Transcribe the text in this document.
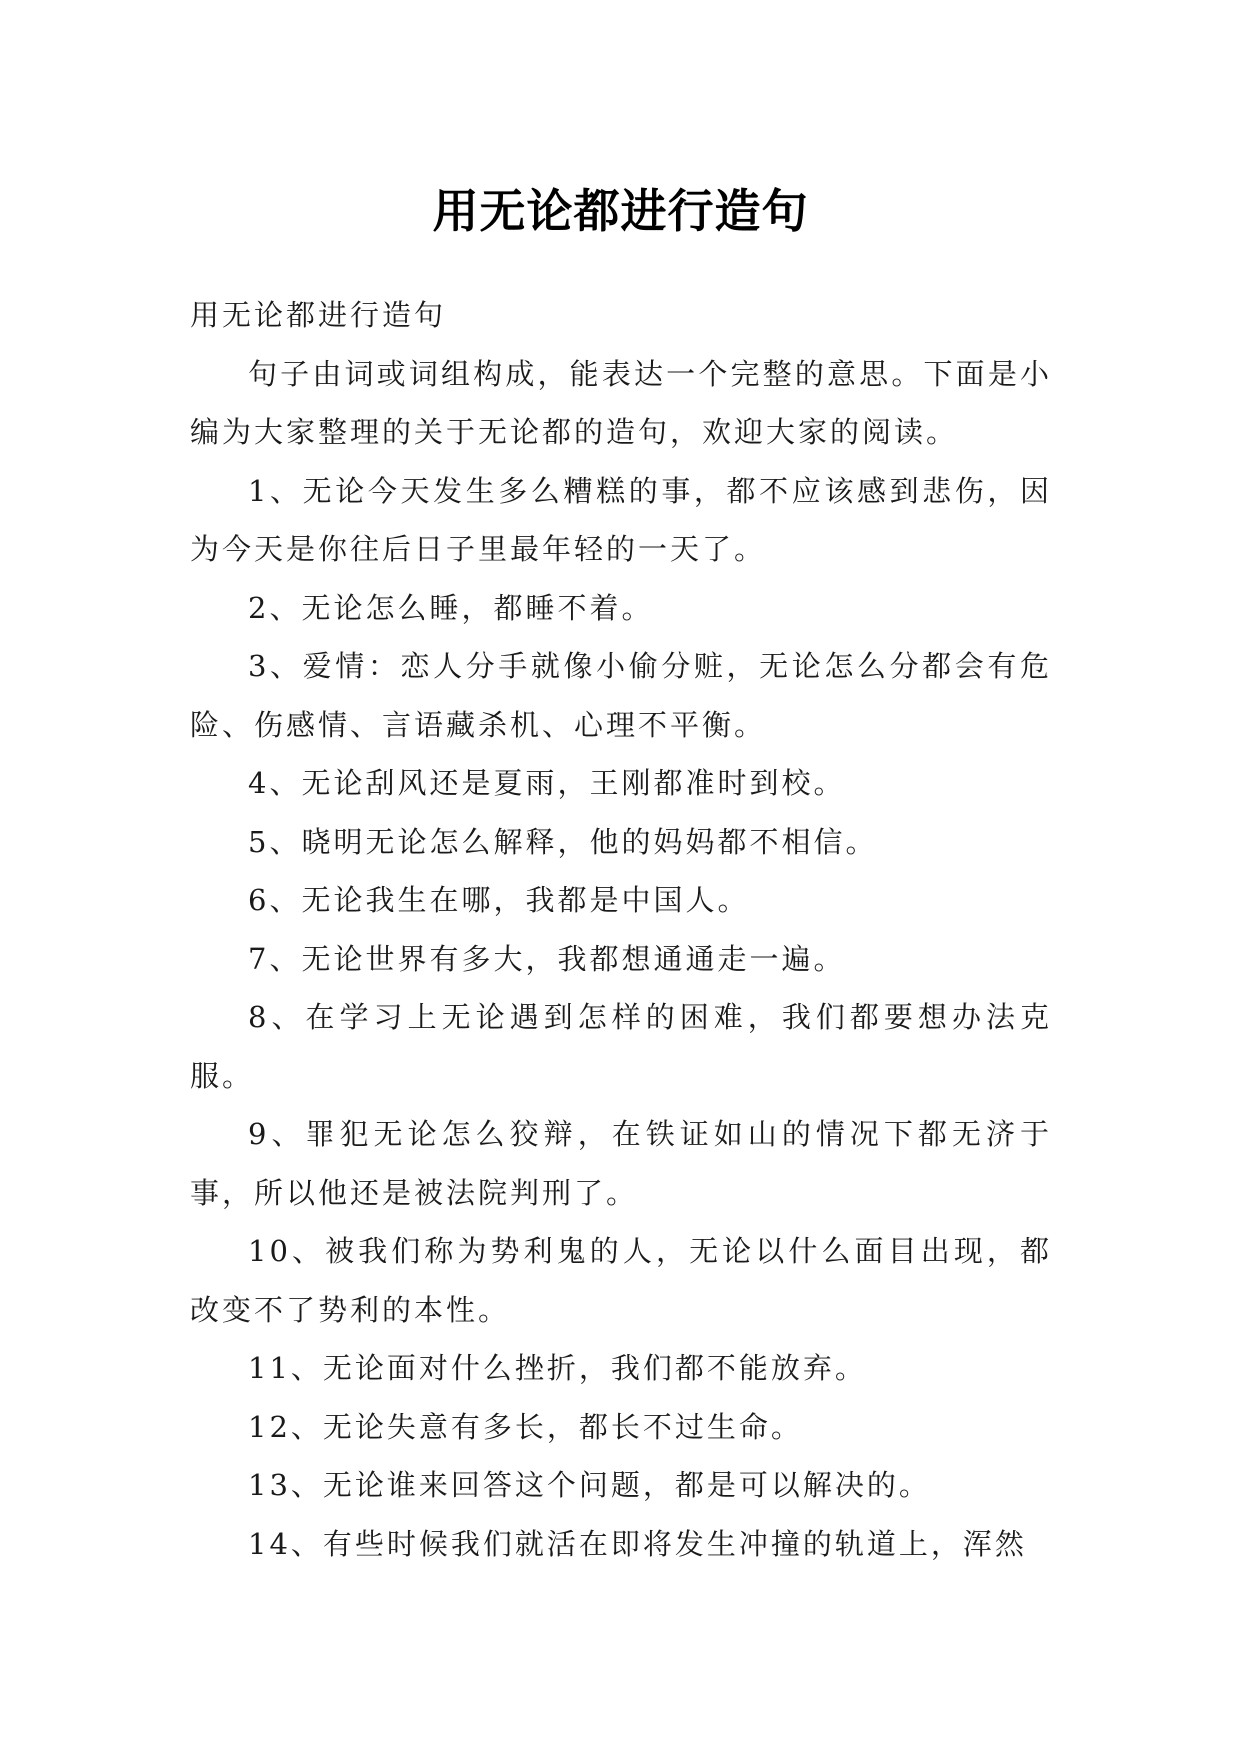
用无论都进行造句

用无论都进行造句

句子由词或词组构成，能表达一个完整的意思。下面是小编为大家整理的关于无论都的造句，欢迎大家的阅读。

1、无论今天发生多么糟糕的事，都不应该感到悲伤，因为今天是你往后日子里最年轻的一天了。

2、无论怎么睡，都睡不着。

3、爱情：恋人分手就像小偷分赃，无论怎么分都会有危险、伤感情、言语藏杀机、心理不平衡。

4、无论刮风还是夏雨，王刚都准时到校。

5、晓明无论怎么解释，他的妈妈都不相信。

6、无论我生在哪，我都是中国人。

7、无论世界有多大，我都想通通走一遍。

8、在学习上无论遇到怎样的困难，我们都要想办法克服。

9、罪犯无论怎么狡辩，在铁证如山的情况下都无济于事，所以他还是被法院判刑了。

10、被我们称为势利鬼的人，无论以什么面目出现，都改变不了势利的本性。

11、无论面对什么挫折，我们都不能放弃。

12、无论失意有多长，都长不过生命。

13、无论谁来回答这个问题，都是可以解决的。

14、有些时候我们就活在即将发生冲撞的轨道上，浑然
